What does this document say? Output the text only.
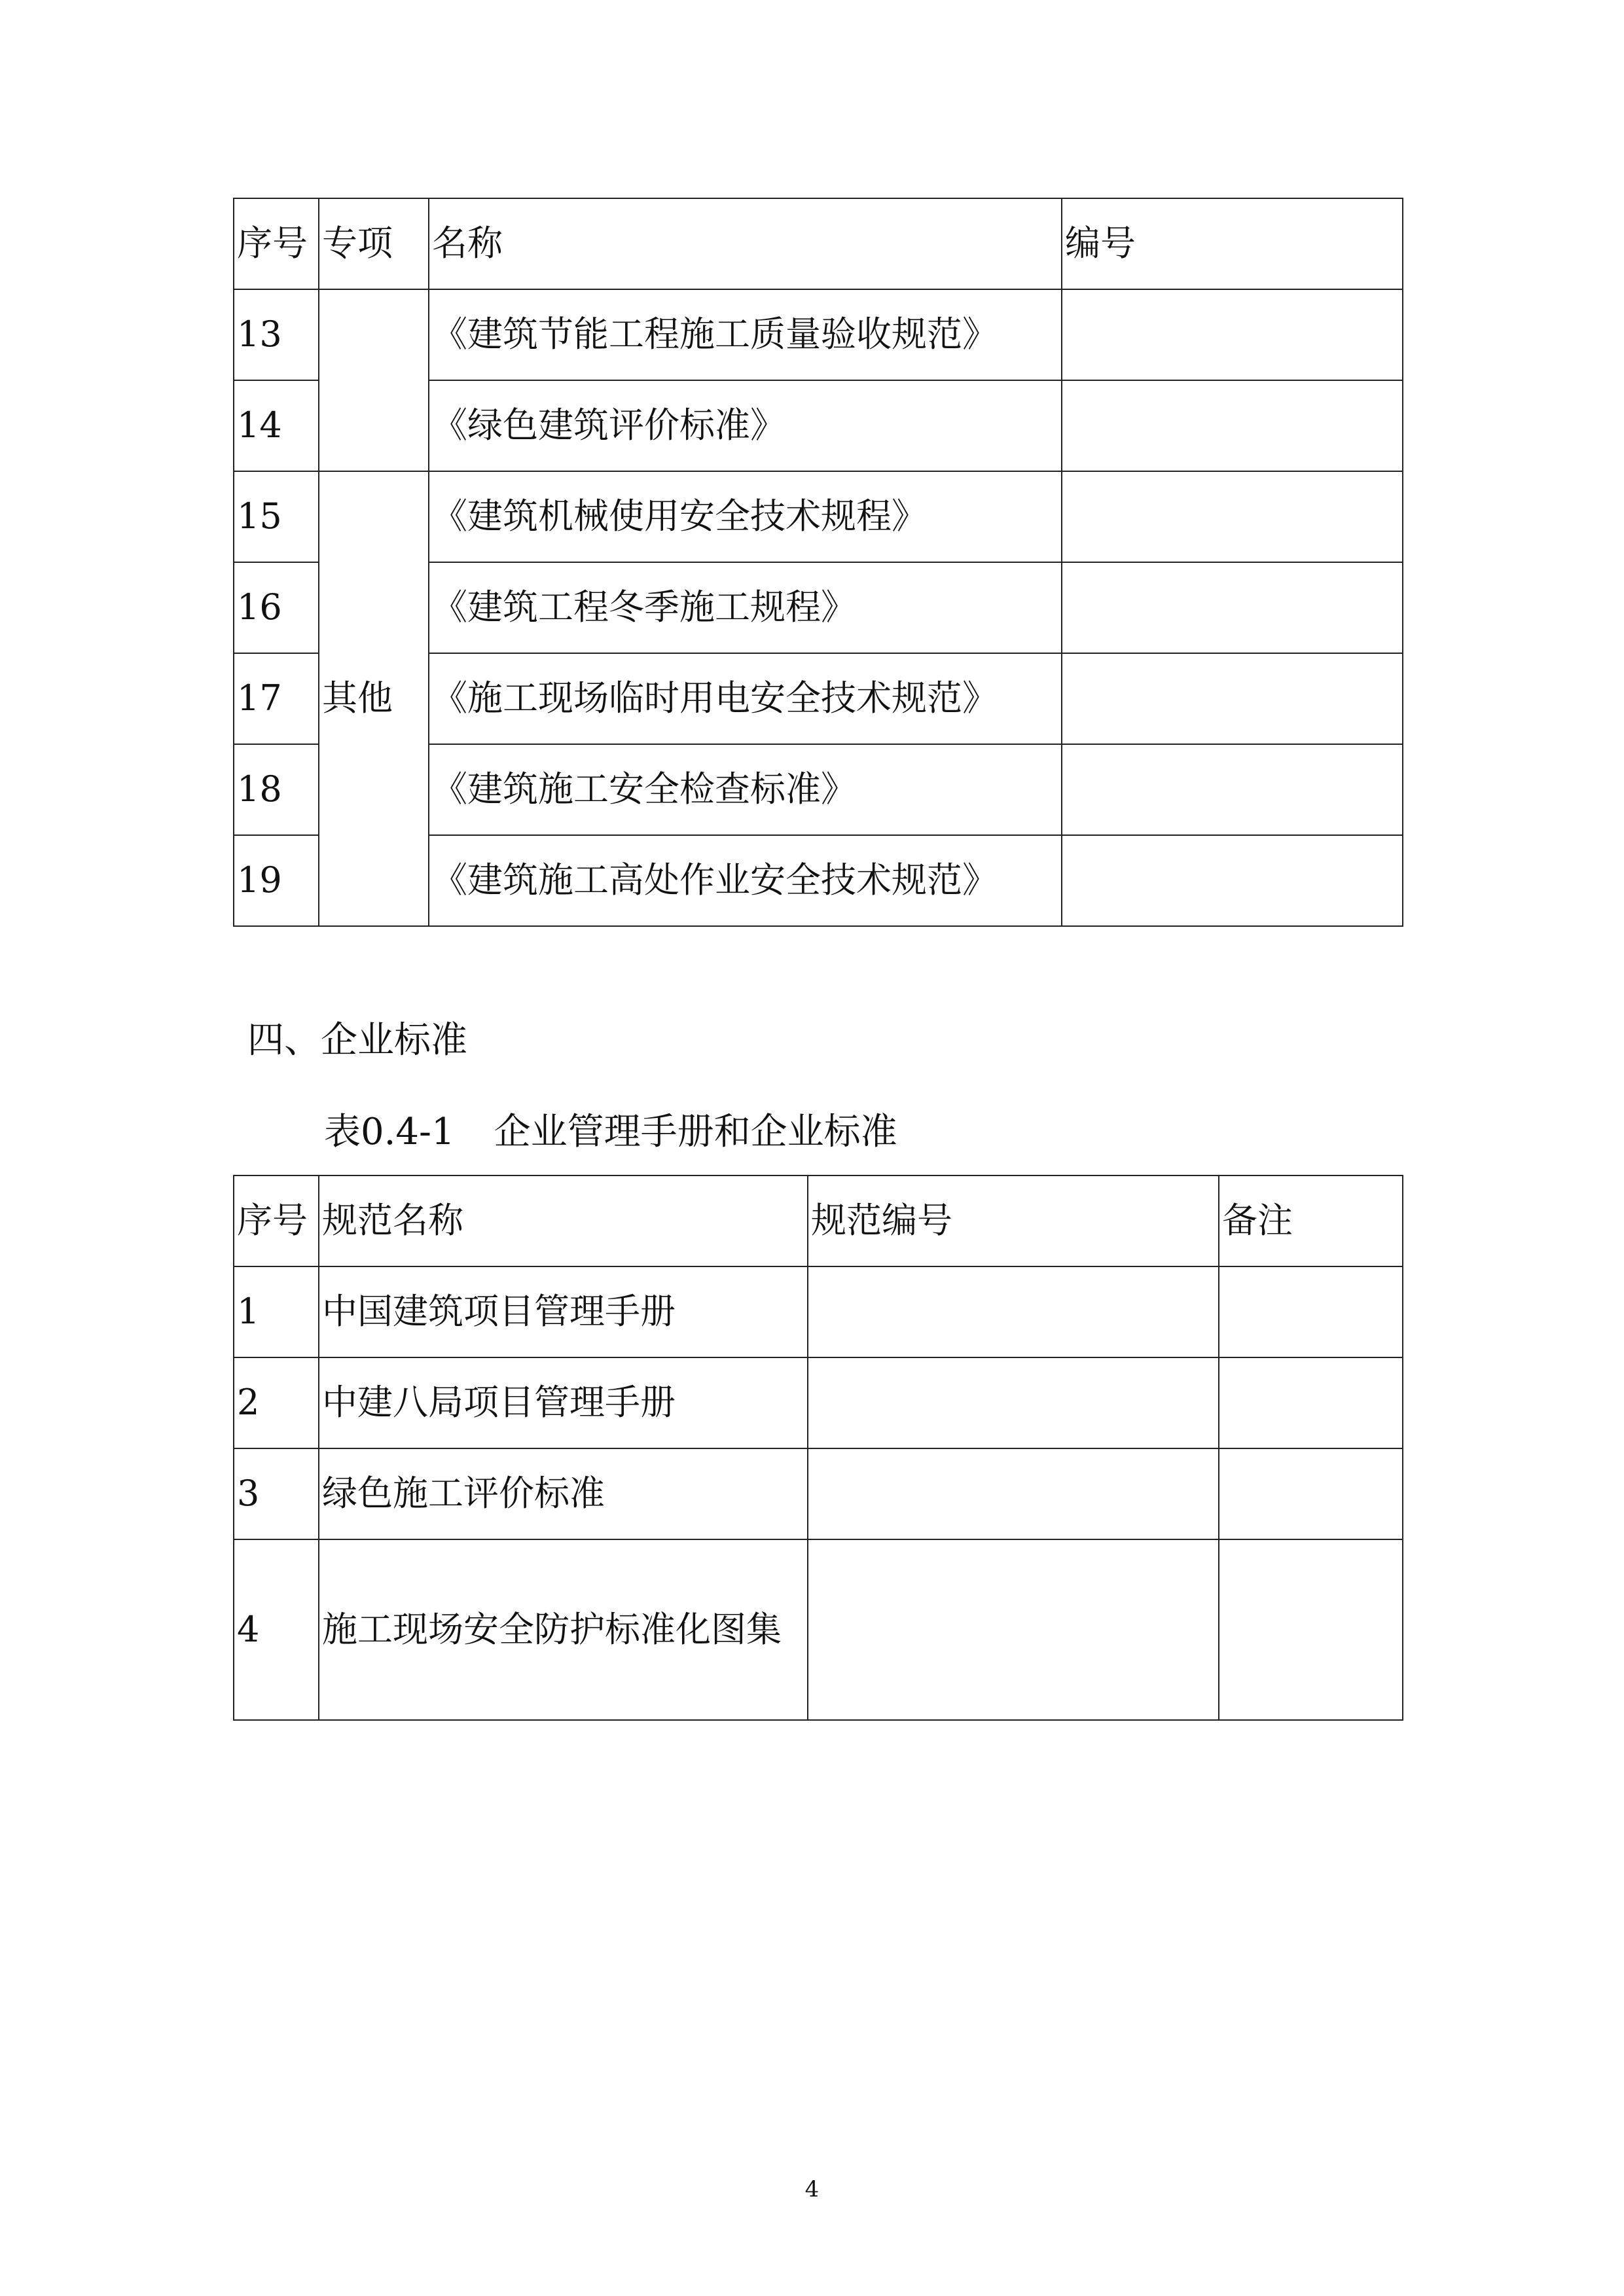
序号	专项	名称	编号
13		《建筑节能工程施工质量验收规范》	
14		《绿色建筑评价标准》	
15	其他	《建筑机械使用安全技术规程》	
16		《建筑工程冬季施工规程》	
17		《施工现场临时用电安全技术规范》	
18		《建筑施工安全检查标准》	
19		《建筑施工高处作业安全技术规范》	
四、企业标准
表0.4-1 企业管理手册和企业标准
序号	规范名称	规范编号	备注
1	中国建筑项目管理手册		
2	中建八局项目管理手册		
3	绿色施工评价标准		
4	施工现场安全防护标准化图集		
4
